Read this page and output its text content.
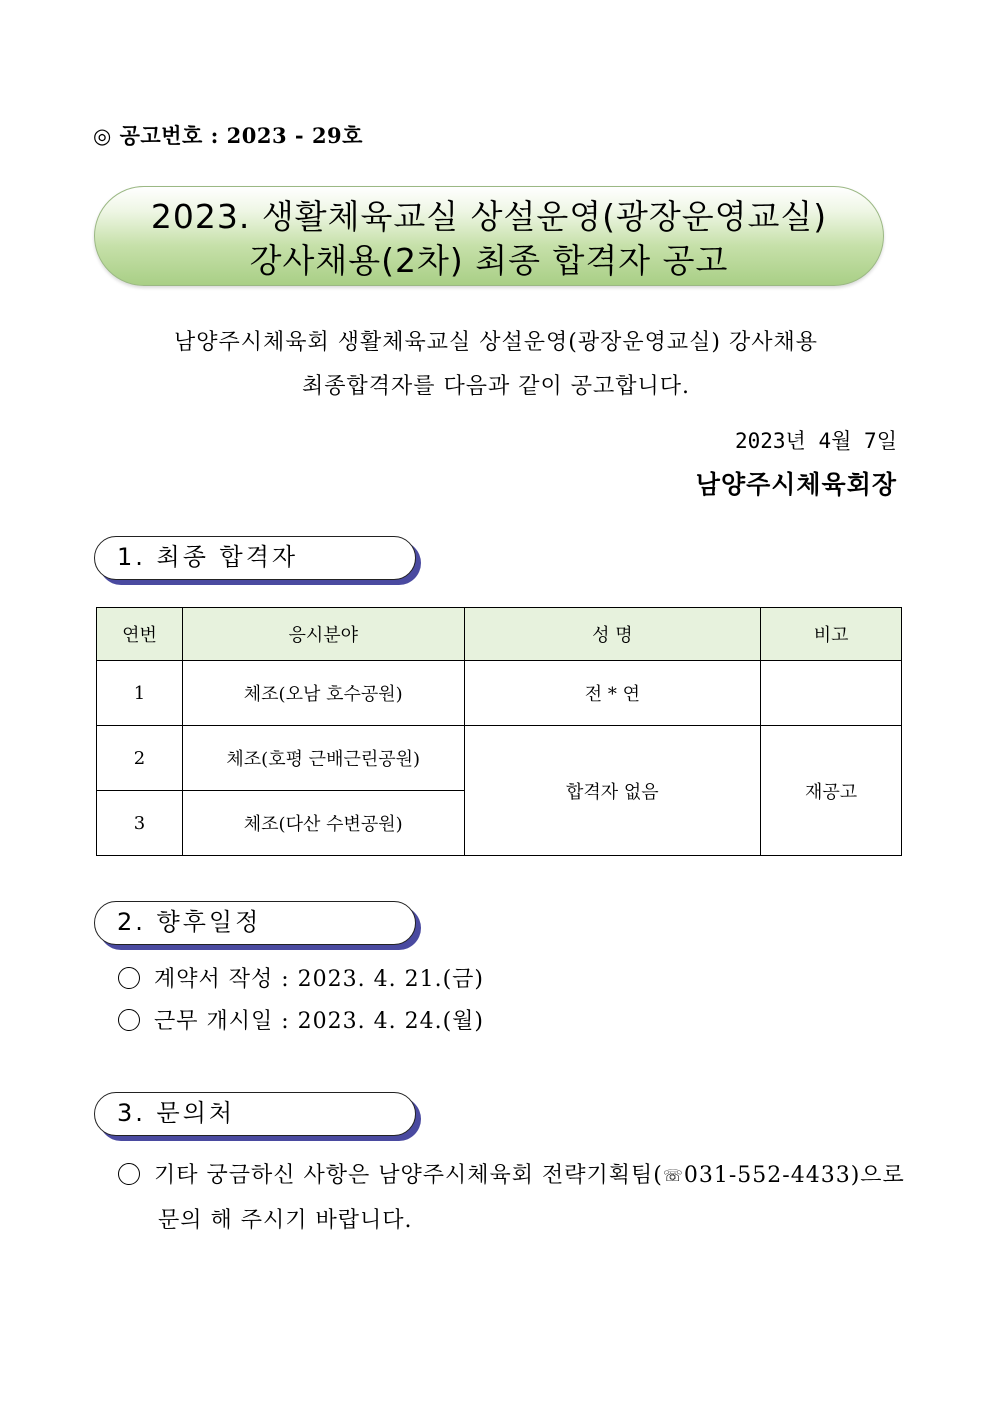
◎ 공고번호 : 2023 - 29호
2023. 생활체육교실 상설운영(광장운영교실)
강사채용(2차) 최종 합격자 공고
남양주시체육회 생활체육교실 상설운영(광장운영교실) 강사채용
최종합격자를 다음과 같이 공고합니다.
2023년 4월 7일
남양주시체육회장
1. 최종 합격자
연번	응시분야	성 명	비고
1	체조(오남 호수공원)	전 * 연	
2	체조(호평 근배근린공원)	합격자 없음	재공고
3	체조(다산 수변공원)		
2. 향후일정
계약서 작성 : 2023. 4. 21.(금)
근무 개시일 : 2023. 4. 24.(월)
3. 문의처
기타 궁금하신 사항은 남양주시체육회 전략기획팀(☏031-552-4433)으로
문의 해 주시기 바랍니다.
